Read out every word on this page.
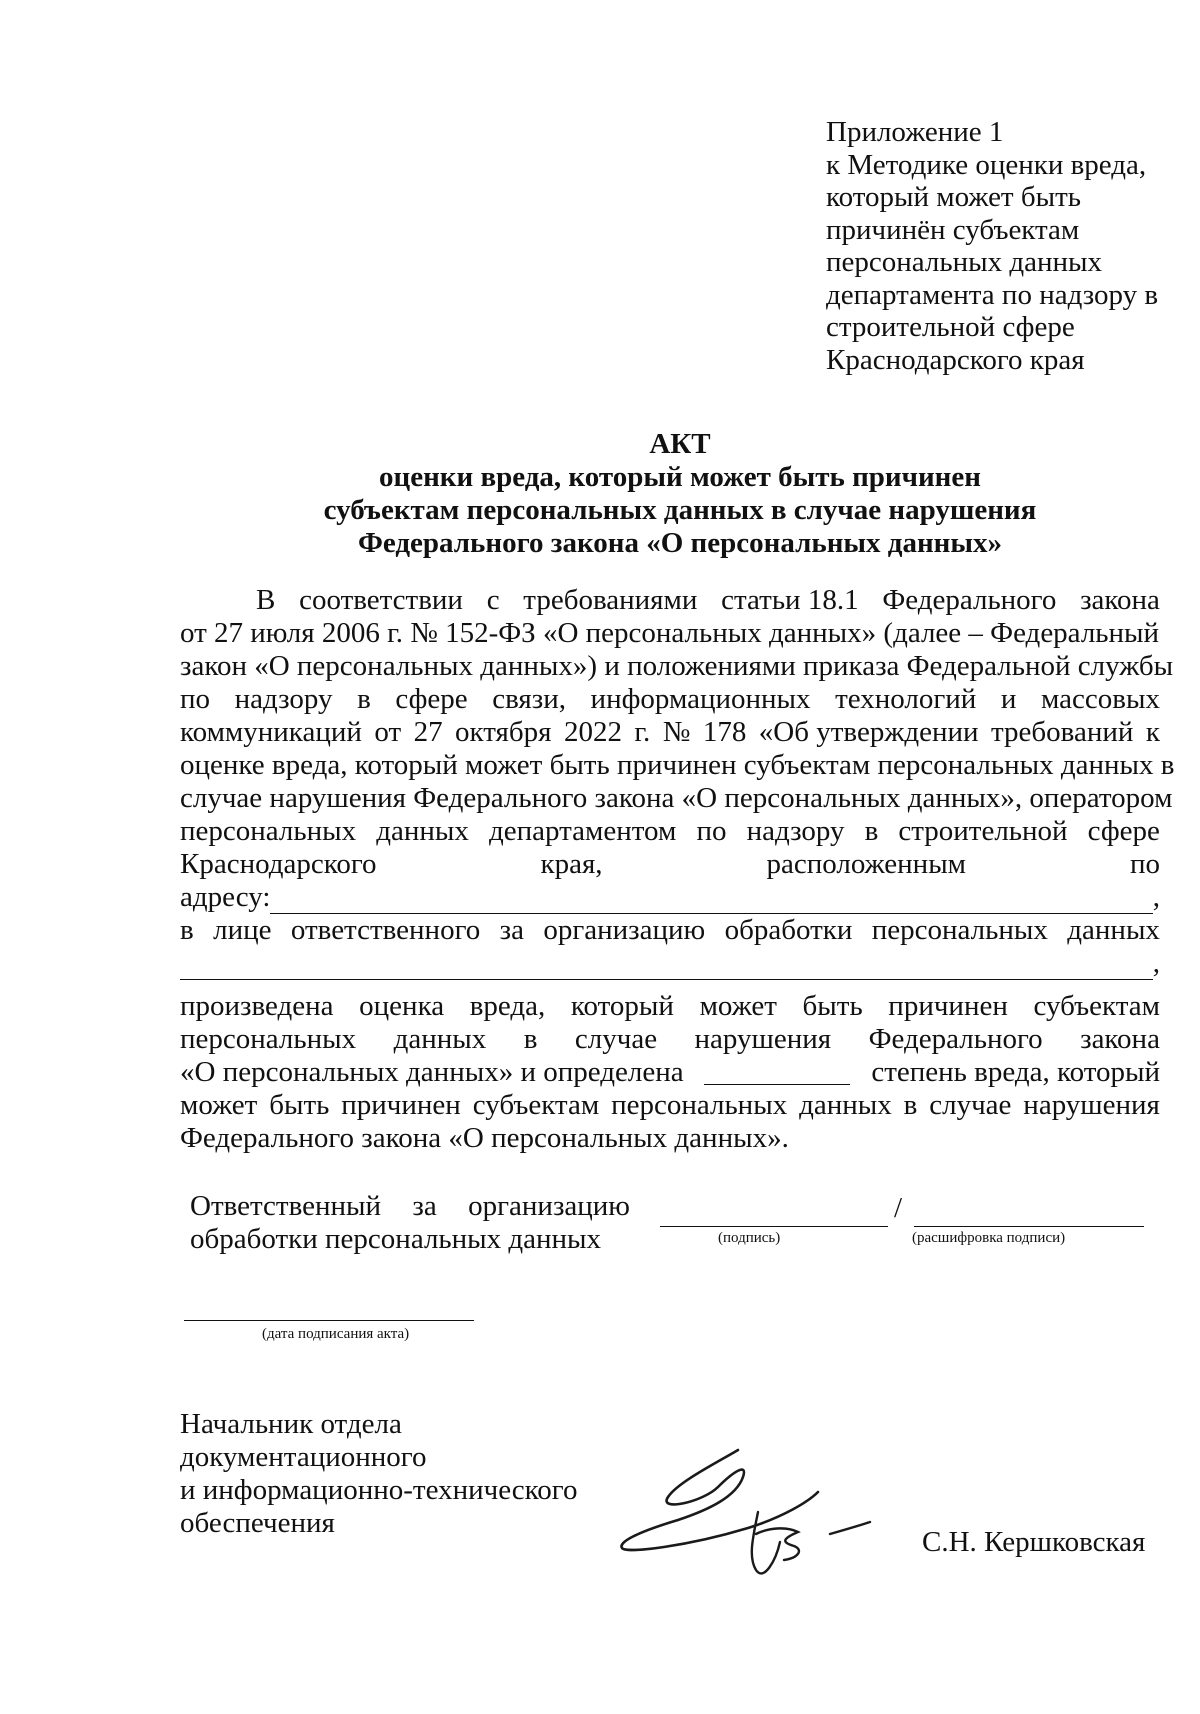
Приложение 1
к Методике оценки вреда,
который может быть
причинён субъектам
персональных данных
департамента по надзору в
строительной сфере
Краснодарского края
АКТ
оценки вреда, который может быть причинен
субъектам персональных данных в случае нарушения
Федерального закона «О персональных данных»
В соответствии с требованиями статьи 18.1 Федерального закона
от 27 июля 2006 г. № 152-ФЗ «О персональных данных» (далее – Федеральный
закон «О персональных данных») и положениями приказа Федеральной службы
по надзору в сфере связи, информационных технологий и массовых
коммуникаций от 27 октября 2022 г. № 178 «Об утверждении требований к
оценке вреда, который может быть причинен субъектам персональных данных в
случае нарушения Федерального закона «О персональных данных», оператором
персональных данных департаментом по надзору в строительной сфере
Краснодарского	края,	расположенным	по
адресу:	,
в лице ответственного за организацию обработки персональных данных
,
произведена оценка вреда, который может быть причинен субъектам
персональных данных в случае нарушения Федерального закона
«О персональных данных» и определена	степень вреда, который
может быть причинен субъектам персональных данных в случае нарушения
Федерального закона «О персональных данных».
Ответственный за организацию
обработки персональных данных
/
(подпись)	(расшифровка подписи)
(дата подписания акта)
Начальник отдела
документационного
и информационно-технического
обеспечения
С.Н. Кершковская
